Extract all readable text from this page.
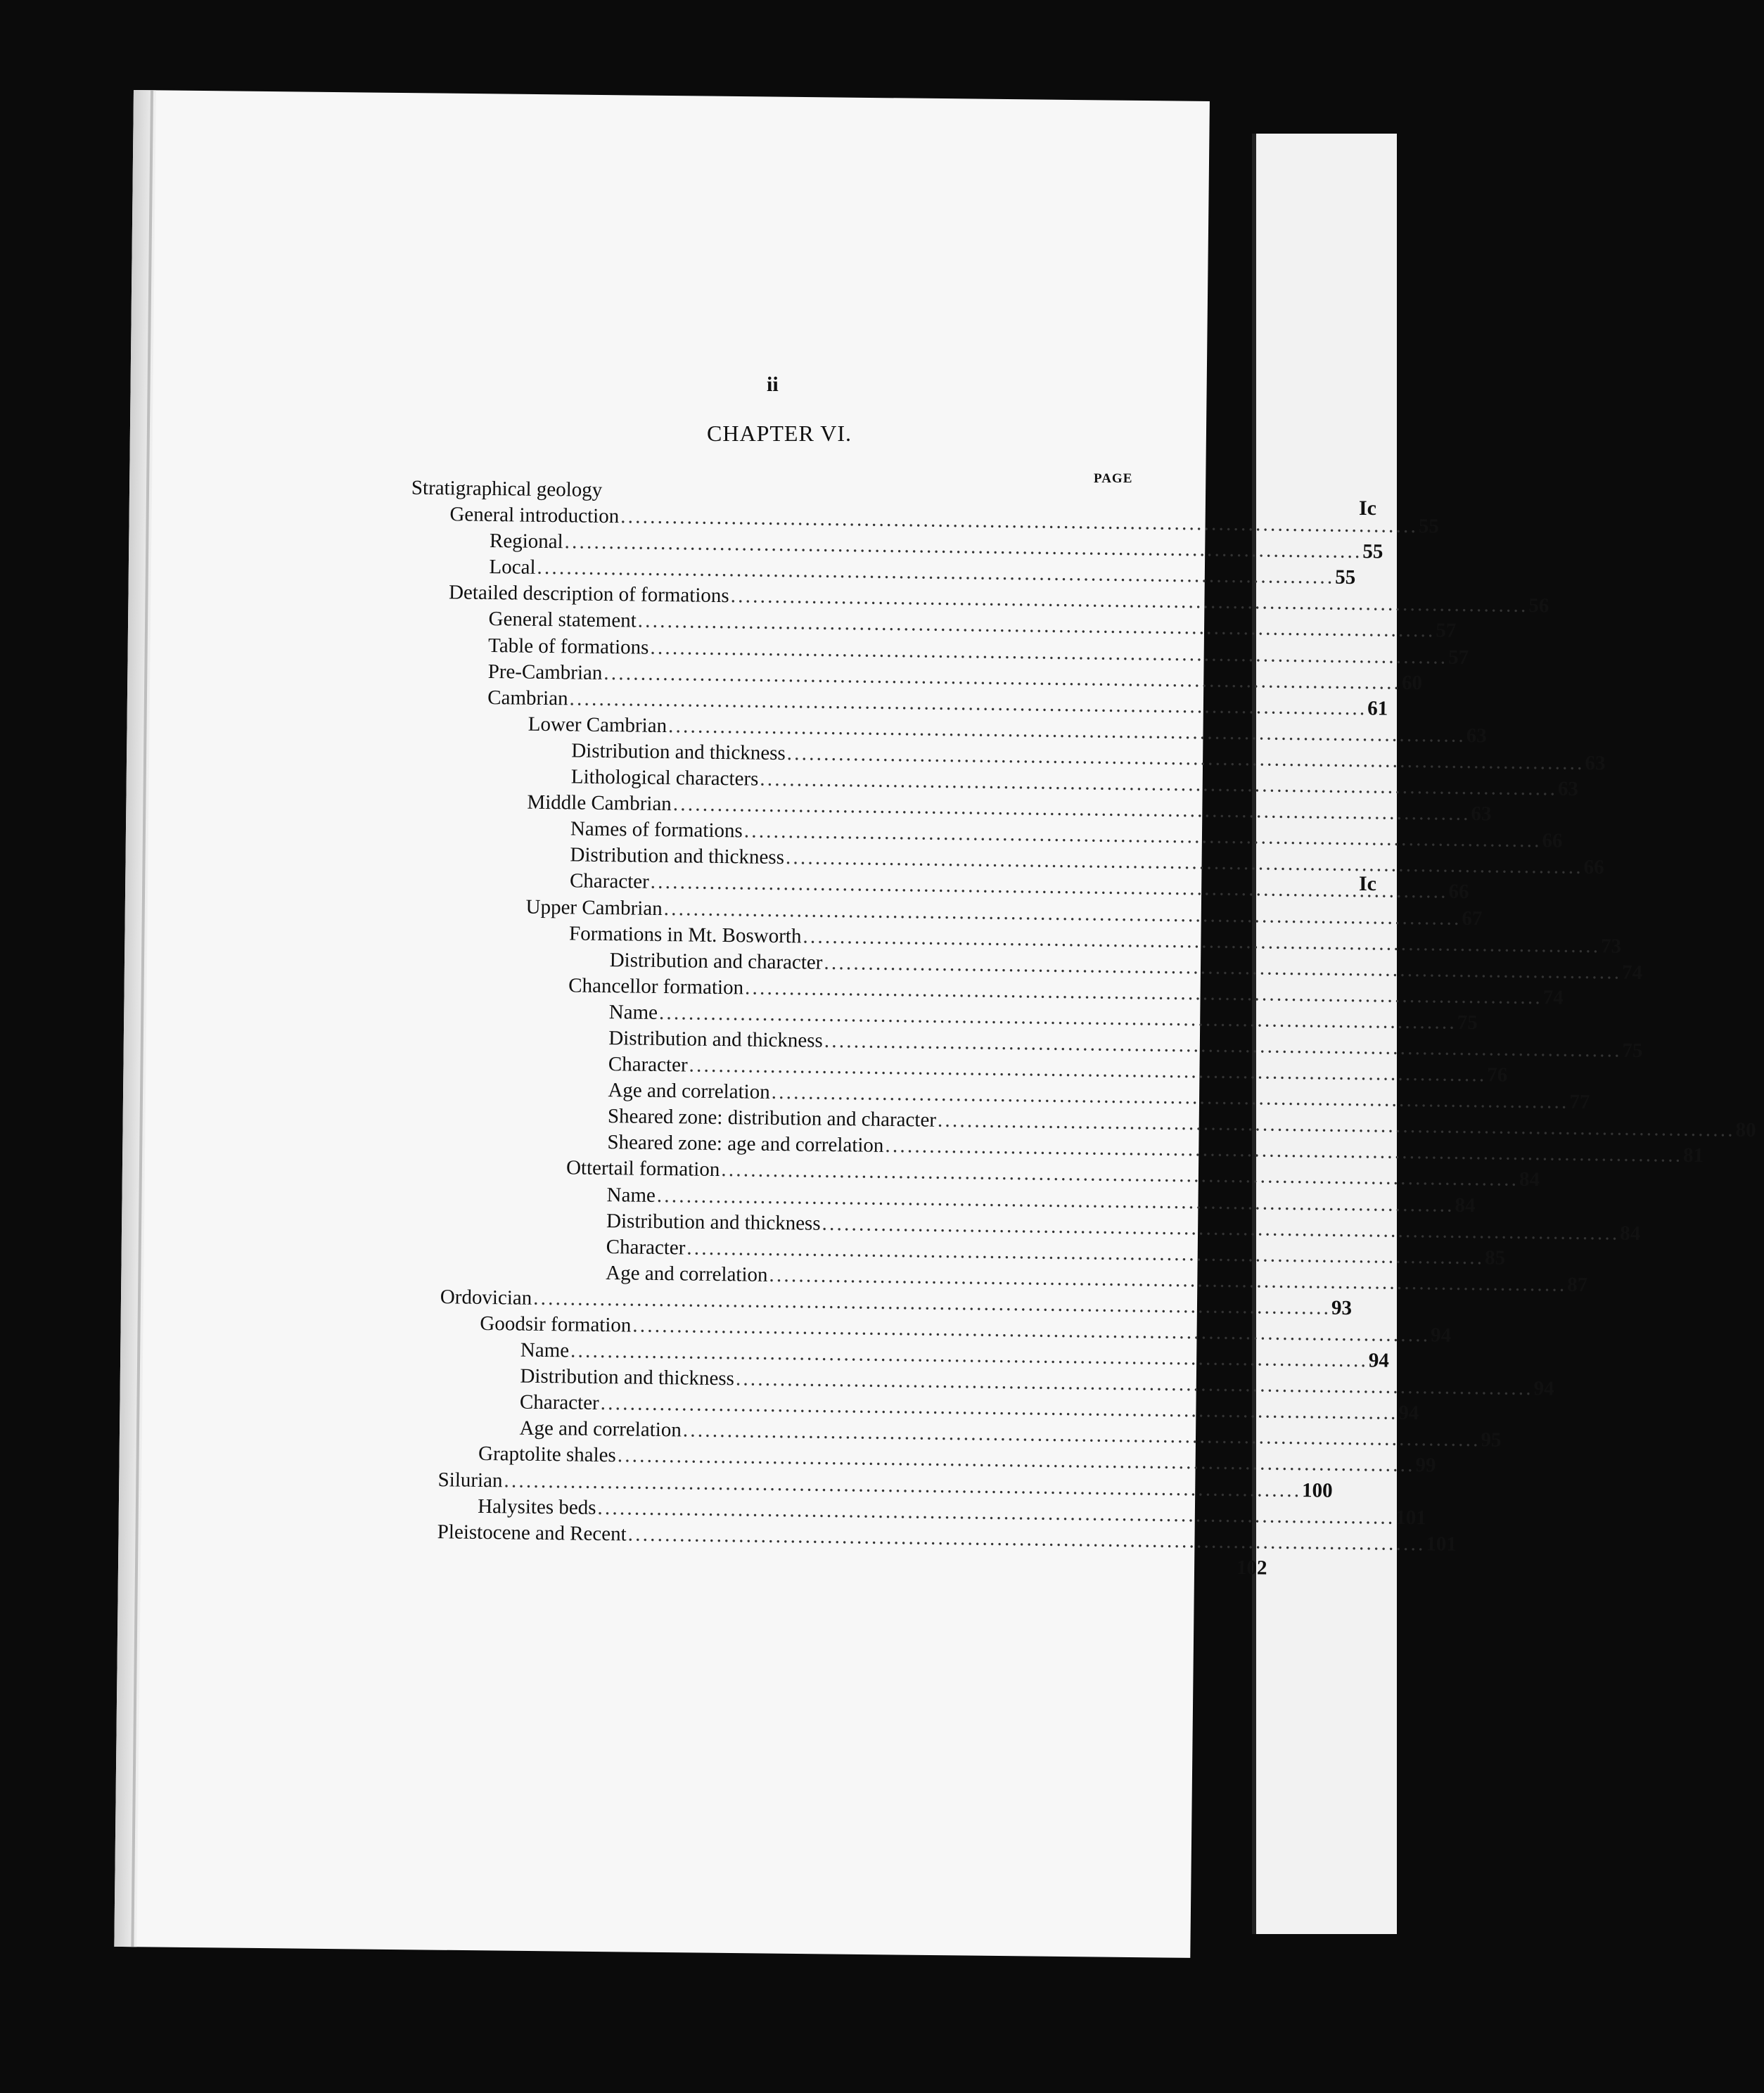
Ic
Ic
ii
CHAPTER VI.
PAGE
Stratigraphical geology
General introduction . . .	55
Regional . . .	55
Local . . .	55
Detailed description of formations . . .	56
General statement . . .	57
Table of formations . . .	57
Pre-Cambrian . . .	60
Cambrian . . .	61
Lower Cambrian . . .	63
Distribution and thickness . . .	63
Lithological characters . . .	63
Middle Cambrian . . .	63
Names of formations . . .	66
Distribution and thickness . . .	66
Character . . .	66
Upper Cambrian . . .	67
Formations in Mt. Bosworth . . .	73
Distribution and character . . .	74
Chancellor formation . . .	74
Name . . .	75
Distribution and thickness . . .	75
Character . . .	76
Age and correlation . . .	77
Sheared zone: distribution and character . . .	80
Sheared zone: age and correlation . . .	81
Ottertail formation . . .	84
Name . . .	84
Distribution and thickness . . .	84
Character . . .	85
Age and correlation . . .	87
Ordovician . . .	93
Goodsir formation . . .	94
Name . . .	94
Distribution and thickness . . .	94
Character . . .	94
Age and correlation . . .	95
Graptolite shales . . .	99
Silurian . . .	100
Halysites beds . . .	101
Pleistocene and Recent . . .	101
102
